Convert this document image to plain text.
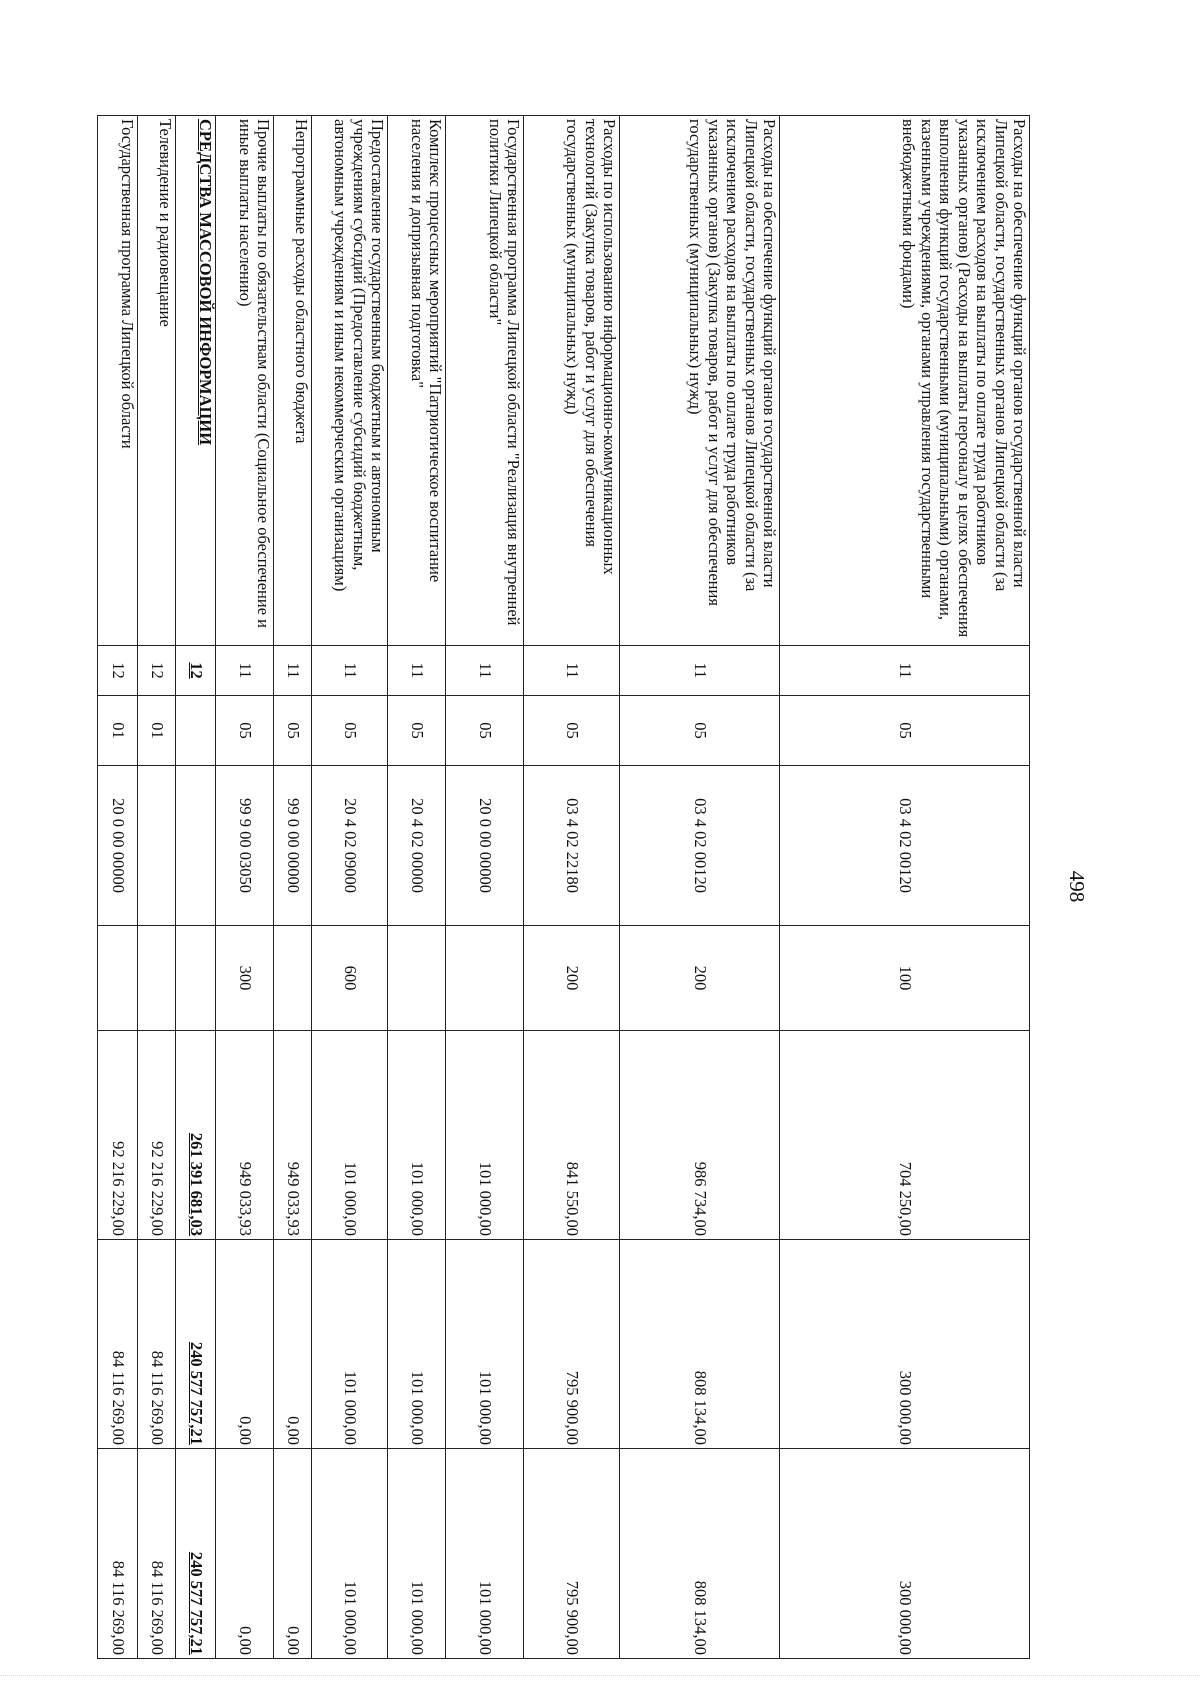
498
Расходы на обеспечение функций органов государственной власти Липецкой области, государственных органов Липецкой области (за исключением расходов на выплаты по оплате труда работников указанных органов) (Расходы на выплаты персоналу в целях обеспечения выполнения функций государственными (муниципальными) органами, казенными учреждениями, органами управления государственными внебюджетными фондами)	11	05	03 4 02 00120	100	704 250,00	300 000,00	300 000,00
Расходы на обеспечение функций органов государственной власти Липецкой области, государственных органов Липецкой области (за исключением расходов на выплаты по оплате труда работников указанных органов) (Закупка товаров, работ и услуг для обеспечения государственных (муниципальных) нужд)	11	05	03 4 02 00120	200	986 734,00	808 134,00	808 134,00
Расходы по использованию информационно-коммуникационных технологий (Закупка товаров, работ и услуг для обеспечения государственных (муниципальных) нужд)	11	05	03 4 02 22180	200	841 550,00	795 900,00	795 900,00
Государственная программа Липецкой области "Реализация внутренней политики Липецкой области"	11	05	20 0 00 00000		101 000,00	101 000,00	101 000,00
Комплекс процессных мероприятий "Патриотическое воспитание населения и допризывная подготовка"	11	05	20 4 02 00000		101 000,00	101 000,00	101 000,00
Предоставление государственным бюджетным и автономным учреждениям субсидий (Предоставление субсидий бюджетным, автономным учреждениям и иным некоммерческим организациям)	11	05	20 4 02 09000	600	101 000,00	101 000,00	101 000,00
Непрограммные расходы областного бюджета	11	05	99 0 00 00000		949 033,93	0,00	0,00
Прочие выплаты по обязательствам области (Социальное обеспечение и иные выплаты населению)	11	05	99 9 00 03050	300	949 033,93	0,00	0,00
СРЕДСТВА МАССОВОЙ ИНФОРМАЦИИ	12				261 391 681,03	240 577 757,21	240 577 757,21
Телевидение и радиовещание	12	01			92 216 229,00	84 116 269,00	84 116 269,00
Государственная программа Липецкой области	12	01	20 0 00 00000		92 216 229,00	84 116 269,00	84 116 269,00
